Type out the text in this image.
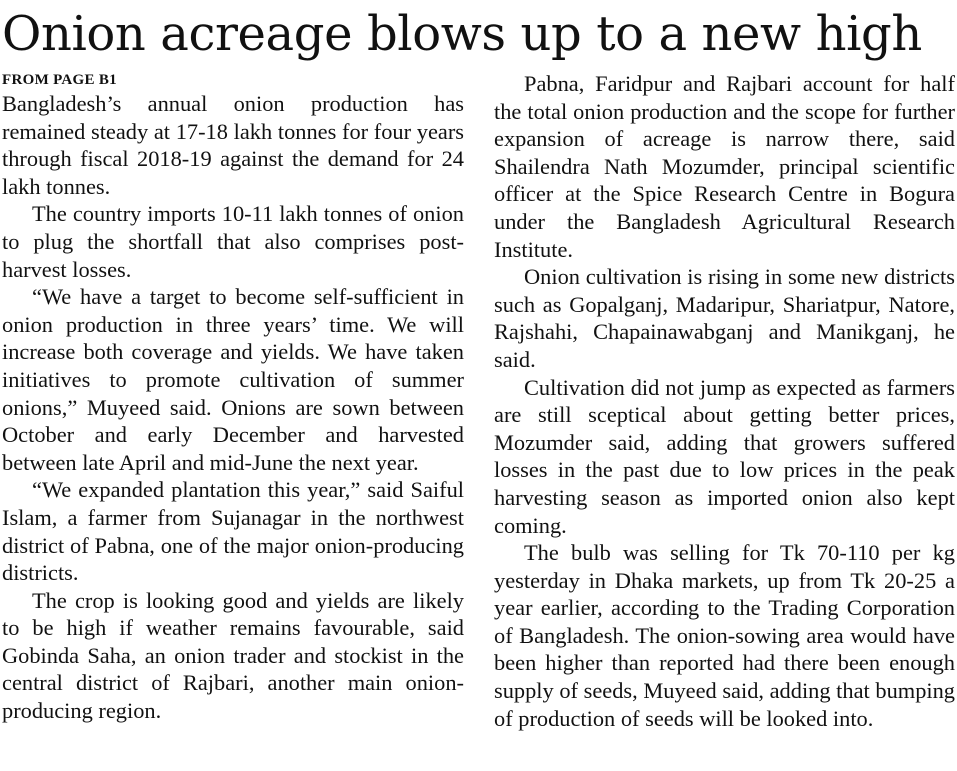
Onion acreage blows up to a new high
FROM PAGE B1

Bangladesh’s annual onion production has remained steady at 17-18 lakh tonnes for four years through fiscal 2018-19 against the demand for 24 lakh tonnes.

The country imports 10-11 lakh tonnes of onion to plug the shortfall that also comprises post-harvest losses.

“We have a target to become self-sufficient in onion production in three years’ time. We will increase both coverage and yields. We have taken initiatives to promote cultivation of summer onions,” Muyeed said. Onions are sown between October and early December and harvested between late April and mid-June the next year.

“We expanded plantation this year,” said Saiful Islam, a farmer from Sujanagar in the northwest district of Pabna, one of the major onion-producing districts.

The crop is looking good and yields are likely to be high if weather remains favourable, said Gobinda Saha, an onion trader and stockist in the central district of Rajbari, another main onion-producing region.

Pabna, Faridpur and Rajbari account for half the total onion production and the scope for further expansion of acreage is narrow there, said Shailendra Nath Mozumder, principal scientific officer at the Spice Research Centre in Bogura under the Bangladesh Agricultural Research Institute.

Onion cultivation is rising in some new districts such as Gopalganj, Madaripur, Shariatpur, Natore, Rajshahi, Chapainawabganj and Manikganj, he said.

Cultivation did not jump as expected as farmers are still sceptical about getting better prices, Mozumder said, adding that growers suffered losses in the past due to low prices in the peak harvesting season as imported onion also kept coming.

The bulb was selling for Tk 70-110 per kg yesterday in Dhaka markets, up from Tk 20-25 a year earlier, according to the Trading Corporation of Bangladesh. The onion-sowing area would have been higher than reported had there been enough supply of seeds, Muyeed said, adding that bumping of production of seeds will be looked into.
